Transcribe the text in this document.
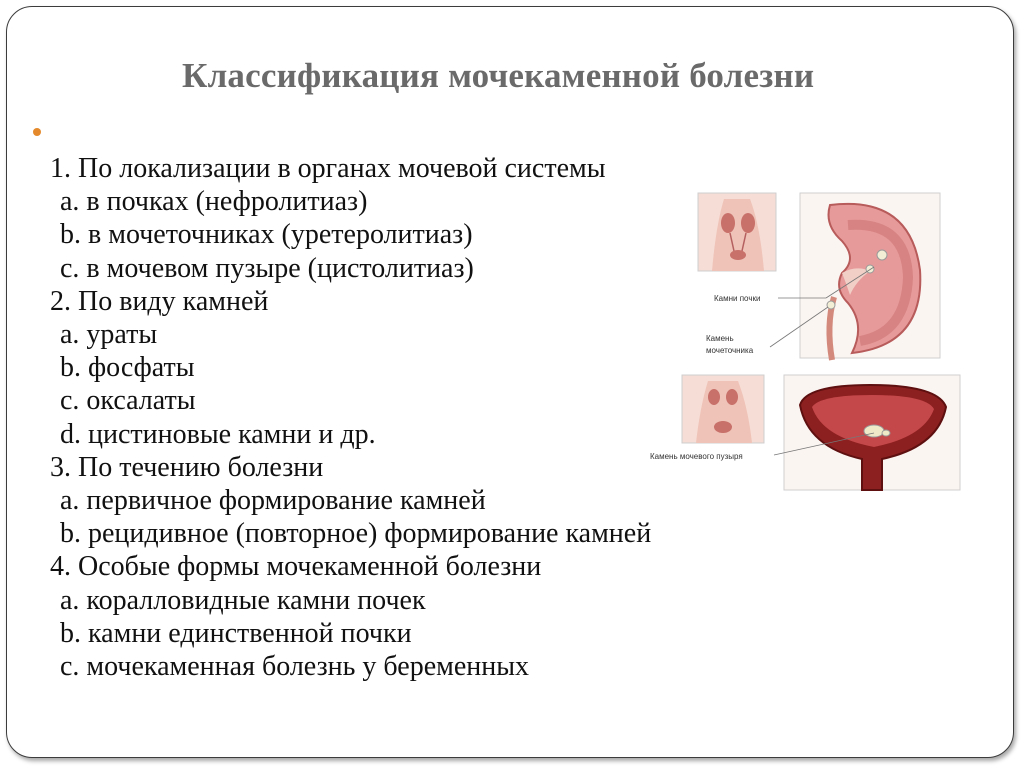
Классификация мочекаменной болезни
1. По локализации в органах мочевой системы
a. в почках (нефролитиаз)
b. в мочеточниках (уретеролитиаз)
c. в мочевом пузыре (цистолитиаз)
2. По виду камней
a. ураты
b. фосфаты
c. оксалаты
d. цистиновые камни и др.
3. По течению болезни
a. первичное формирование камней
b. рецидивное (повторное) формирование камней
4. Особые формы мочекаменной болезни
a. коралловидные камни почек
b. камни единственной почки
c. мочекаменная болезнь у беременных
Камни почки
Камень
мочеточника
Камень мочевого пузыря
